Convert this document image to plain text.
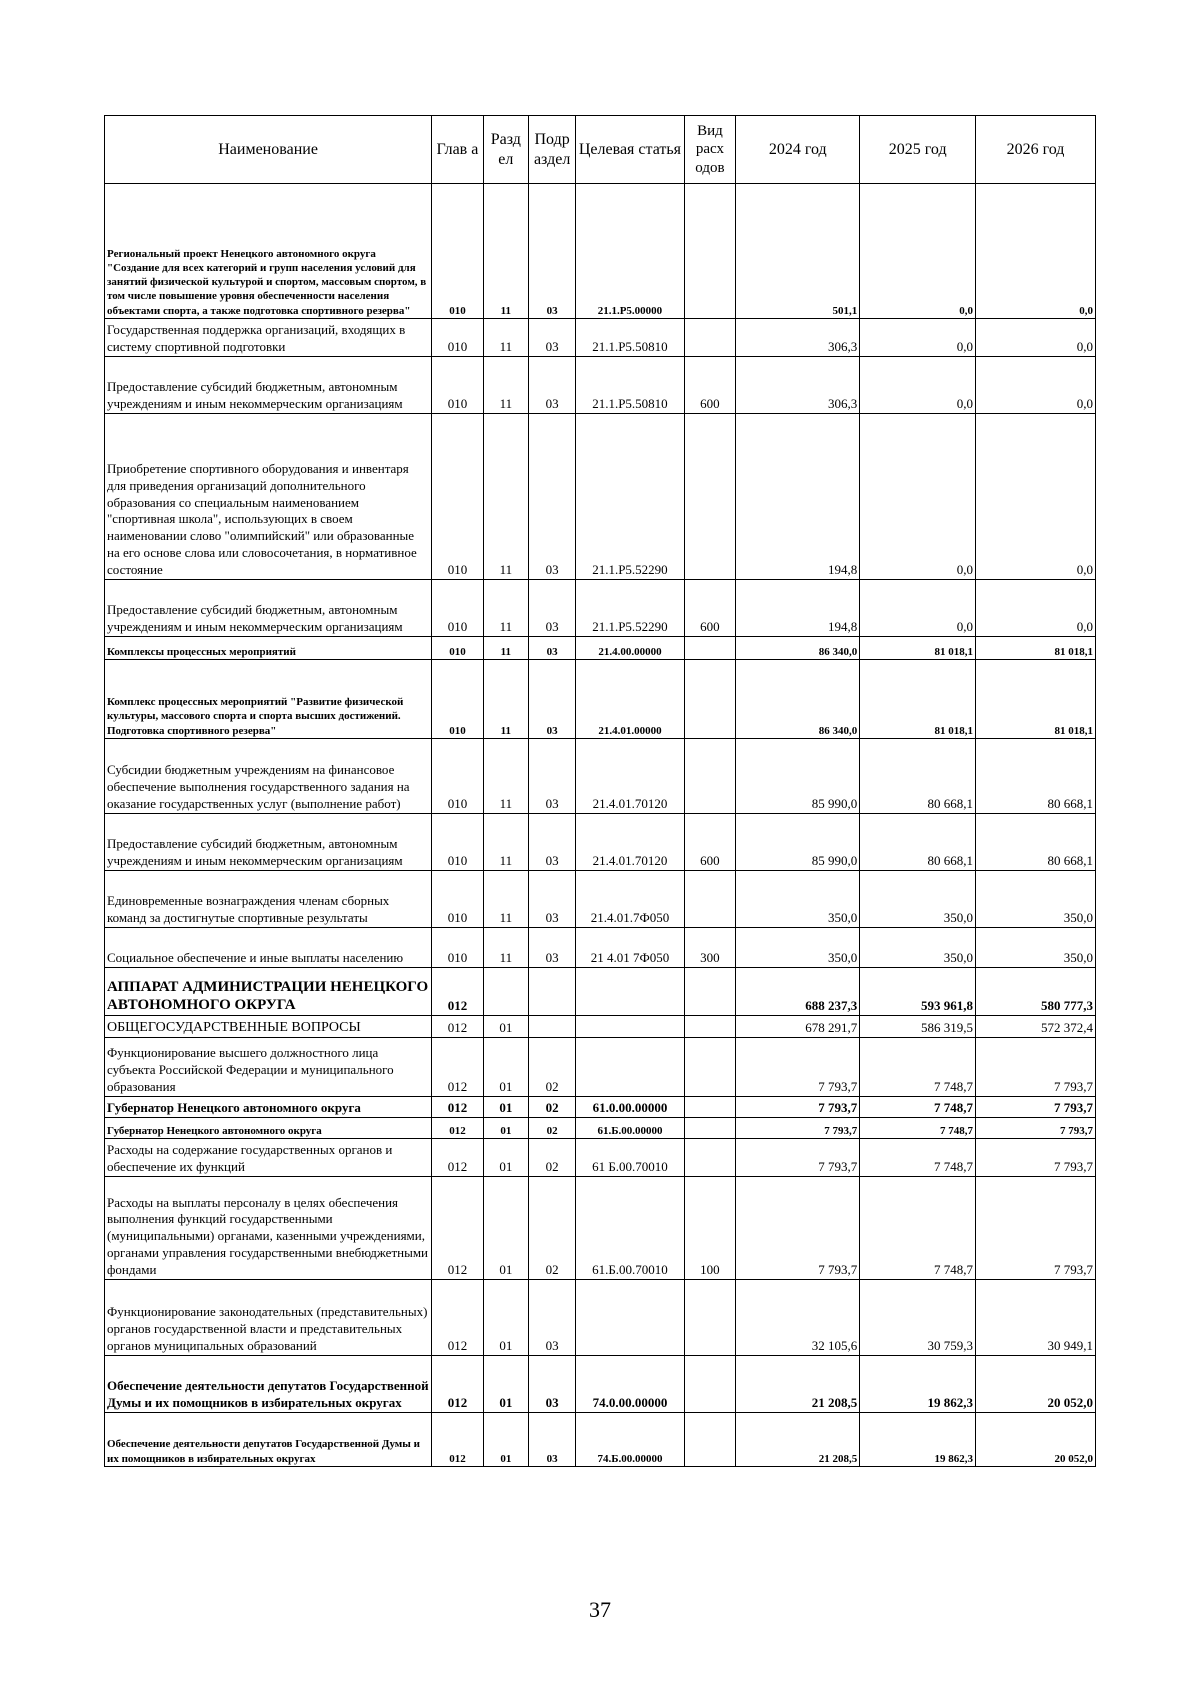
Наименование	Глав а	Разд ел	Подр аздел	Целевая статья	Вид расх одов	2024 год	2025 год	2026 год
Региональный проект Ненецкого автономного округа "Создание для всех категорий и групп населения условий для занятий физической культурой и спортом, массовым спортом, в том числе повышение уровня обеспеченности населения объектами спорта, а также подготовка спортивного резерва"	010	11	03	21.1.Р5.00000		501,1	0,0	0,0
Государственная поддержка организаций, входящих в систему спортивной подготовки	010	11	03	21.1.Р5.50810		306,3	0,0	0,0
Предоставление субсидий бюджетным, автономным учреждениям и иным некоммерческим организациям	010	11	03	21.1.Р5.50810	600	306,3	0,0	0,0
Приобретение спортивного оборудования и инвентаря для приведения организаций дополнительного образования со специальным наименованием "спортивная школа", использующих в своем наименовании слово "олимпийский" или образованные на его основе слова или словосочетания, в нормативное состояние	010	11	03	21.1.Р5.52290		194,8	0,0	0,0
Предоставление субсидий бюджетным, автономным учреждениям и иным некоммерческим организациям	010	11	03	21.1.Р5.52290	600	194,8	0,0	0,0
Комплексы процессных мероприятий	010	11	03	21.4.00.00000		86 340,0	81 018,1	81 018,1
Комплекс процессных мероприятий "Развитие физической культуры, массового спорта и спорта высших достижений. Подготовка спортивного резерва"	010	11	03	21.4.01.00000		86 340,0	81 018,1	81 018,1
Субсидии бюджетным учреждениям на финансовое обеспечение выполнения государственного задания на оказание государственных услуг (выполнение работ)	010	11	03	21.4.01.70120		85 990,0	80 668,1	80 668,1
Предоставление субсидий бюджетным, автономным учреждениям и иным некоммерческим организациям	010	11	03	21.4.01.70120	600	85 990,0	80 668,1	80 668,1
Единовременные вознаграждения членам сборных команд за достигнутые спортивные результаты	010	11	03	21.4.01.7Ф050		350,0	350,0	350,0
Социальное обеспечение и иные выплаты населению	010	11	03	21 4.01 7Ф050	300	350,0	350,0	350,0
АППАРАТ АДМИНИСТРАЦИИ НЕНЕЦКОГО АВТОНОМНОГО ОКРУГА	012					688 237,3	593 961,8	580 777,3
ОБЩЕГОСУДАРСТВЕННЫЕ ВОПРОСЫ	012	01				678 291,7	586 319,5	572 372,4
Функционирование высшего должностного лица субъекта Российской Федерации и муниципального образования	012	01	02			7 793,7	7 748,7	7 793,7
Губернатор Ненецкого автономного округа	012	01	02	61.0.00.00000		7 793,7	7 748,7	7 793,7
Губернатор Ненецкого автономного округа	012	01	02	61.Б.00.00000		7 793,7	7 748,7	7 793,7
Расходы на содержание государственных органов и обеспечение их функций	012	01	02	61 Б.00.70010		7 793,7	7 748,7	7 793,7
Расходы на выплаты персоналу в целях обеспечения выполнения функций государственными (муниципальными) органами, казенными учреждениями, органами управления государственными внебюджетными фондами	012	01	02	61.Б.00.70010	100	7 793,7	7 748,7	7 793,7
Функционирование законодательных (представительных) органов государственной власти и представительных органов муниципальных образований	012	01	03			32 105,6	30 759,3	30 949,1
Обеспечение деятельности депутатов Государственной Думы и их помощников в избирательных округах	012	01	03	74.0.00.00000		21 208,5	19 862,3	20 052,0
Обеспечение деятельности депутатов Государственной Думы и их помощников в избирательных округах	012	01	03	74.Б.00.00000		21 208,5	19 862,3	20 052,0
37
